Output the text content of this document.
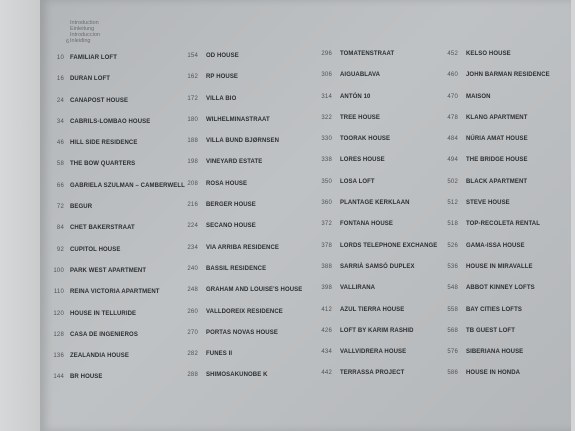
Introduction
Einleitung
Introduccion
Inleiding
6
10 FAMILIAR LOFT
16 DURAN LOFT
24 CANAPOST HOUSE
34 CABRILS-LOMBAO HOUSE
46 HILL SIDE RESIDENCE
58 THE BOW QUARTERS
66 GABRIELA SZULMAN – CAMBERWELL
72 BEGUR
84 CHET BAKERSTRAAT
92 CUPITOL HOUSE
100 PARK WEST APARTMENT
110 REINA VICTORIA APARTMENT
120 HOUSE IN TELLURIDE
128 CASA DE INGENIEROS
136 ZEALANDIA HOUSE
144 BR HOUSE
154 OD HOUSE
162 RP HOUSE
172 VILLA BIO
180 WILHELMINASTRAAT
188 VILLA BUND BJØRNSEN
198 VINEYARD ESTATE
208 ROSA HOUSE
216 BERGER HOUSE
224 SECANO HOUSE
234 VIA ARRIBA RESIDENCE
240 BASSIL RESIDENCE
248 GRAHAM AND LOUISE'S HOUSE
260 VALLDOREIX RESIDENCE
270 PORTAS NOVAS HOUSE
282 FUNES II
288 SHIMOSAKUNOBE K
296 TOMATENSTRAAT
306 AIGUABLAVA
314 ANTÓN 10
322 TREE HOUSE
330 TOORAK HOUSE
338 LORES HOUSE
350 LOSA LOFT
360 PLANTAGE KERKLAAN
372 FONTANA HOUSE
378 LORDS TELEPHONE EXCHANGE
388 SARRIÀ SAMSÓ DUPLEX
398 VALLIRANA
412 AZUL TIERRA HOUSE
426 LOFT BY KARIM RASHID
434 VALLVIDRERA HOUSE
442 TERRASSA PROJECT
452 KELSO HOUSE
460 JOHN BARMAN RESIDENCE
470 MAISON
478 KLANG APARTMENT
484 NÚRIA AMAT HOUSE
494 THE BRIDGE HOUSE
502 BLACK APARTMENT
512 STEVE HOUSE
518 TOP-RECOLETA RENTAL
526 GAMA-ISSA HOUSE
536 HOUSE IN MIRAVALLE
548 ABBOT KINNEY LOFTS
558 BAY CITIES LOFTS
568 TB GUEST LOFT
576 SIBERIANA HOUSE
586 HOUSE IN HONDA
